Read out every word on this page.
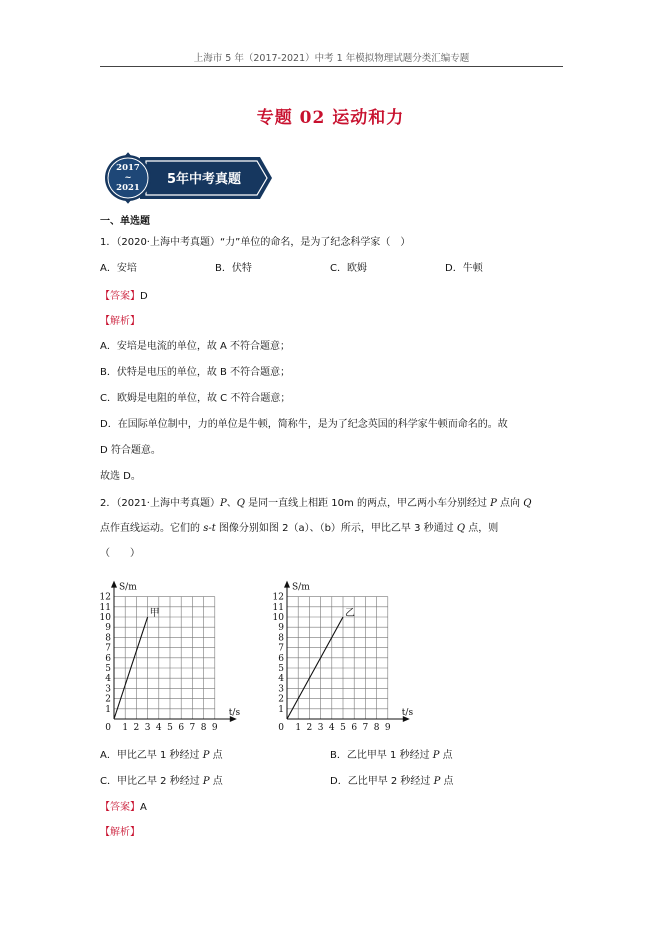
上海市 5 年（2017-2021）中考 1 年模拟物理试题分类汇编专题
专题 02 运动和力
2017
~
2021
5年中考真题
一、单选题
1．（2020·上海中考真题）“力”单位的命名，是为了纪念科学家（　）
A．安培	B．伏特	C．欧姆	D．牛顿
【答案】D
【解析】
A．安培是电流的单位，故 A 不符合题意；
B．伏特是电压的单位，故 B 不符合题意；
C．欧姆是电阻的单位，故 C 不符合题意；
D．在国际单位制中，力的单位是牛顿，简称牛，是为了纪念英国的科学家牛顿而命名的。故
D 符合题意。
故选 D。
2．（2021·上海中考真题）P、Q 是同一直线上相距 10m 的两点，甲乙两小车分别经过 P 点向 Q
点作直线运动。它们的 s-t 图像分别如图 2（a）、（b）所示，甲比乙早 3 秒通过 Q 点，则
（　　）
1 2 3 4 5 6 7 8 9
1
2
3
4
5
6
7
8
9
10
11
12
0
t/s
S/m
甲
1 2 3 4 5 6 7 8 9
1
2
3
4
5
6
7
8
9
10
11
12
0
t/s
S/m
乙
A．甲比乙早 1 秒经过 P 点	B．乙比甲早 1 秒经过 P 点
C．甲比乙早 2 秒经过 P 点	D．乙比甲早 2 秒经过 P 点
【答案】A
【解析】
